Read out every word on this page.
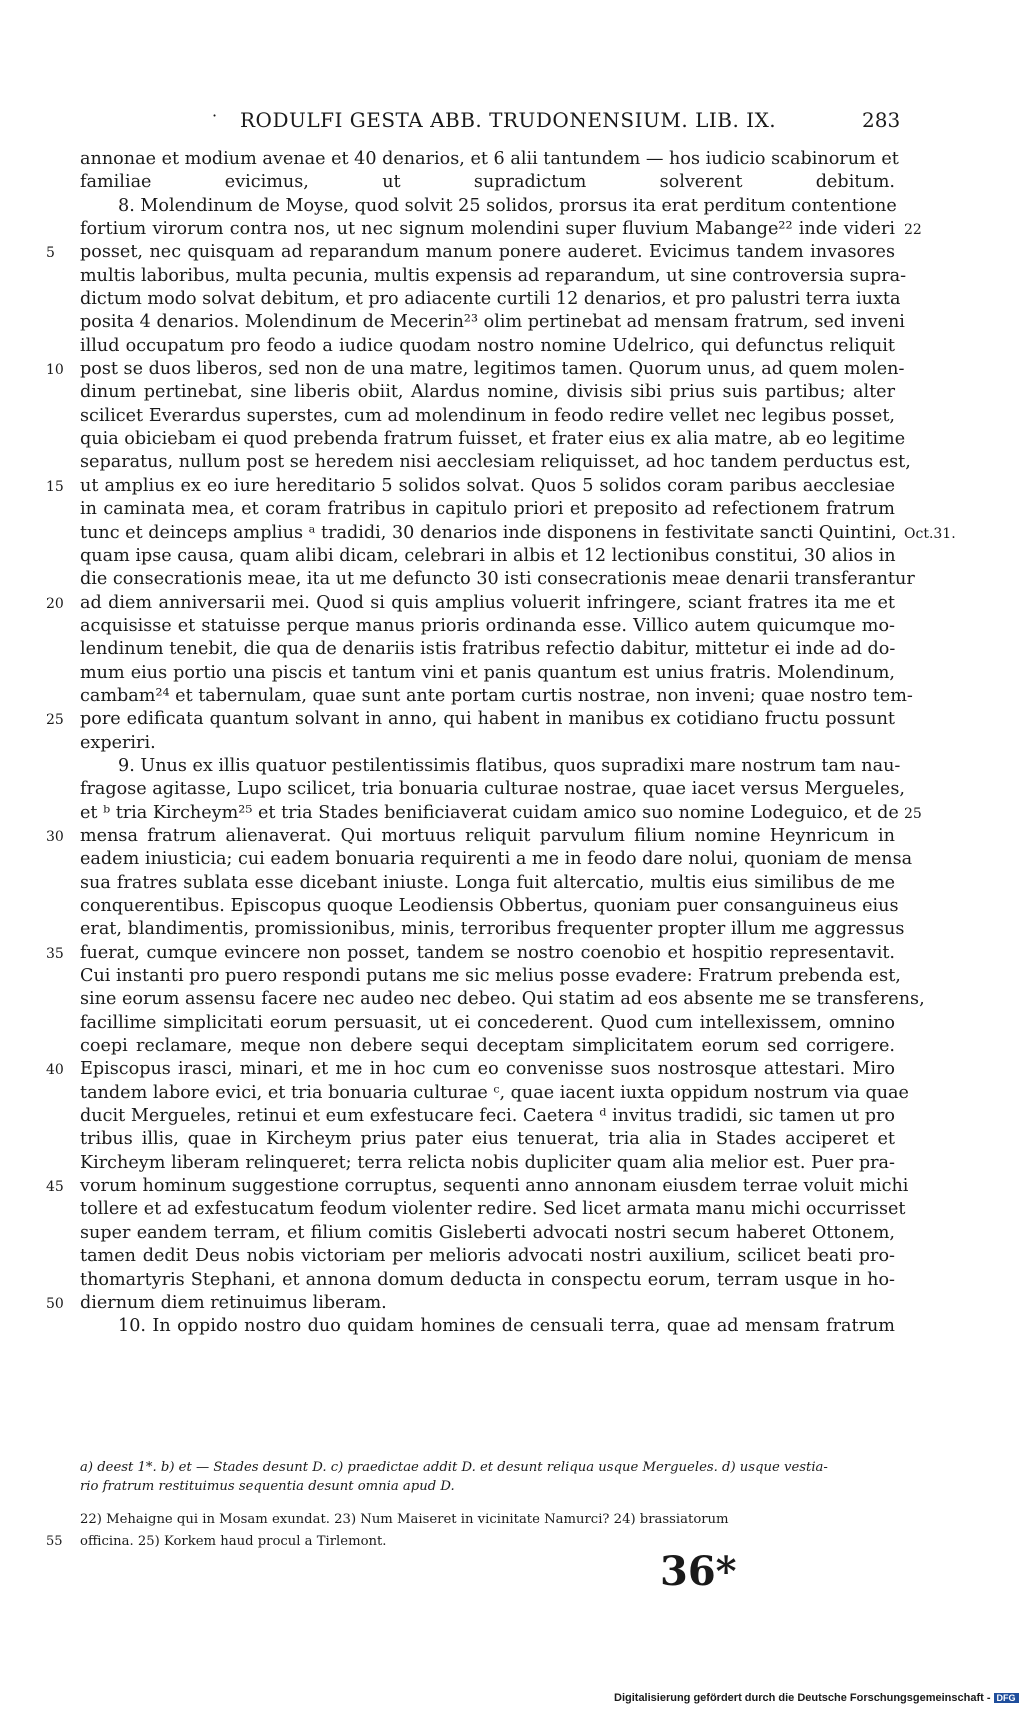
· RODULFI GESTA ABB. TRUDONENSIUM. LIB. IX.	283
annonae et modium avenae et 40 denarios, et 6 alii tantundem — hos iudicio scabinorum et
familiae evicimus, ut supradictum solverent debitum.
8. Molendinum de Moyse, quod solvit 25 solidos, prorsus ita erat perditum contentione
fortium virorum contra nos, ut nec signum molendini super fluvium Mabange²² inde videri 22
5	posset, nec quisquam ad reparandum manum ponere auderet. Evicimus tandem invasores
multis laboribus, multa pecunia, multis expensis ad reparandum, ut sine controversia supra-
dictum modo solvat debitum, et pro adiacente curtili 12 denarios, et pro palustri terra iuxta
posita 4 denarios. Molendinum de Mecerin²³ olim pertinebat ad mensam fratrum, sed inveni
illud occupatum pro feodo a iudice quodam nostro nomine Udelrico, qui defunctus reliquit
10 post se duos liberos, sed non de una matre, legitimos tamen. Quorum unus, ad quem molen-
dinum pertinebat, sine liberis obiit, Alardus nomine, divisis sibi prius suis partibus; alter
scilicet Everardus superstes, cum ad molendinum in feodo redire vellet nec legibus posset,
quia obiciebam ei quod prebenda fratrum fuisset, et frater eius ex alia matre, ab eo legitime
separatus, nullum post se heredem nisi aecclesiam reliquisset, ad hoc tandem perductus est,
15 ut amplius ex eo iure hereditario 5 solidos solvat. Quos 5 solidos coram paribus aecclesiae
in caminata mea, et coram fratribus in capitulo priori et preposito ad refectionem fratrum
tunc et deinceps amplius ᵃ tradidi, 30 denarios inde disponens in festivitate sancti Quintini, Oct.31.
quam ipse causa, quam alibi dicam, celebrari in albis et 12 lectionibus constitui, 30 alios in
die consecrationis meae, ita ut me defuncto 30 isti consecrationis meae denarii transferantur
20 ad diem anniversarii mei. Quod si quis amplius voluerit infringere, sciant fratres ita me et
acquisisse et statuisse perque manus prioris ordinanda esse. Villico autem quicumque mo-
lendinum tenebit, die qua de denariis istis fratribus refectio dabitur, mittetur ei inde ad do-
mum eius portio una piscis et tantum vini et panis quantum est unius fratris. Molendinum,
cambam²⁴ et tabernulam, quae sunt ante portam curtis nostrae, non inveni; quae nostro tem-
25 pore edificata quantum solvant in anno, qui habent in manibus ex cotidiano fructu possunt
experiri.
9. Unus ex illis quatuor pestilentissimis flatibus, quos supradixi mare nostrum tam nau-
fragose agitasse, Lupo scilicet, tria bonuaria culturae nostrae, quae iacet versus Mergueles,
et ᵇ tria Kircheym²⁵ et tria Stades benificiaverat cuidam amico suo nomine Lodeguico, et de 25
30 mensa fratrum alienaverat. Qui mortuus reliquit parvulum filium nomine Heynricum in
eadem iniusticia; cui eadem bonuaria requirenti a me in feodo dare nolui, quoniam de mensa
sua fratres sublata esse dicebant iniuste. Longa fuit altercatio, multis eius similibus de me
conquerentibus. Episcopus quoque Leodiensis Obbertus, quoniam puer consanguineus eius
erat, blandimentis, promissionibus, minis, terroribus frequenter propter illum me aggressus
35 fuerat, cumque evincere non posset, tandem se nostro coenobio et hospitio representavit.
Cui instanti pro puero respondi putans me sic melius posse evadere: Fratrum prebenda est,
sine eorum assensu facere nec audeo nec debeo. Qui statim ad eos absente me se transferens,
facillime simplicitati eorum persuasit, ut ei concederent. Quod cum intellexissem, omnino
coepi reclamare, meque non debere sequi deceptam simplicitatem eorum sed corrigere.
40 Episcopus irasci, minari, et me in hoc cum eo convenisse suos nostrosque attestari. Miro
tandem labore evici, et tria bonuaria culturae ᶜ, quae iacent iuxta oppidum nostrum via quae
ducit Mergueles, retinui et eum exfestucare feci. Caetera ᵈ invitus tradidi, sic tamen ut pro
tribus illis, quae in Kircheym prius pater eius tenuerat, tria alia in Stades acciperet et
Kircheym liberam relinqueret; terra relicta nobis dupliciter quam alia melior est. Puer pra-
45 vorum hominum suggestione corruptus, sequenti anno annonam eiusdem terrae voluit michi
tollere et ad exfestucatum feodum violenter redire. Sed licet armata manu michi occurrisset
super eandem terram, et filium comitis Gisleberti advocati nostri secum haberet Ottonem,
tamen dedit Deus nobis victoriam per melioris advocati nostri auxilium, scilicet beati pro-
thomartyris Stephani, et annona domum deducta in conspectu eorum, terram usque in ho-
50 diernum diem retinuimus liberam.
10. In oppido nostro duo quidam homines de censuali terra, quae ad mensam fratrum
a) deest 1*. b) et — Stades desunt D. c) praedictae addit D. et desunt reliqua usque Mergueles. d) usque vestia-
rio fratrum restituimus sequentia desunt omnia apud D.
22) Mehaigne qui in Mosam exundat. 23) Num Maiseret in vicinitate Namurci? 24) brassiatorum
55	officina. 25) Korkem haud procul a Tirlemont.
36*
Digitalisierung gefördert durch die Deutsche Forschungsgemeinschaft - DFG
